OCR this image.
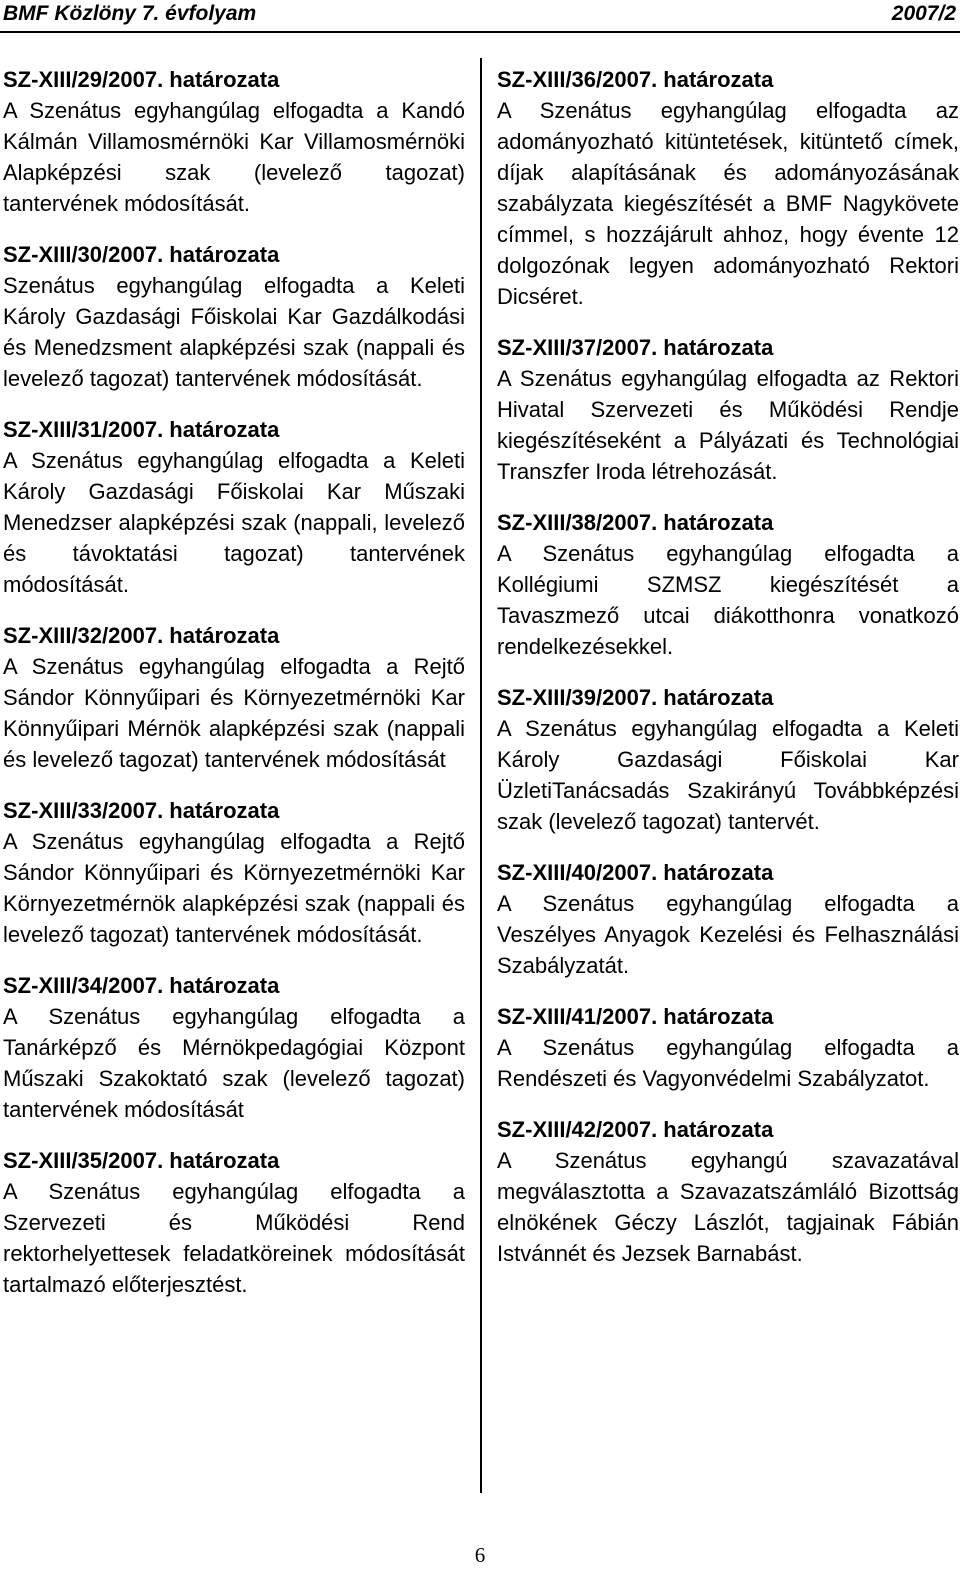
BMF Közlöny 7. évfolyam	2007/2
SZ-XIII/29/2007. határozata
A Szenátus egyhangúlag elfogadta a Kandó Kálmán Villamosmérnöki Kar Villamosmérnöki Alapképzési szak (levelező tagozat) tantervének módosítását.
SZ-XIII/30/2007. határozata
Szenátus egyhangúlag elfogadta a Keleti Károly Gazdasági Főiskolai Kar Gazdálkodási és Menedzsment alapképzési szak (nappali és levelező tagozat) tantervének módosítását.
SZ-XIII/31/2007. határozata
A Szenátus egyhangúlag elfogadta a Keleti Károly Gazdasági Főiskolai Kar Műszaki Menedzser alapképzési szak (nappali, levelező és távoktatási tagozat) tantervének módosítását.
SZ-XIII/32/2007. határozata
A Szenátus egyhangúlag elfogadta a Rejtő Sándor Könnyűipari és Környezetmérnöki Kar Könnyűipari Mérnök alapképzési szak (nappali és levelező tagozat) tantervének módosítását
SZ-XIII/33/2007. határozata
A Szenátus egyhangúlag elfogadta a Rejtő Sándor Könnyűipari és Környezetmérnöki Kar Környezetmérnök alapképzési szak (nappali és levelező tagozat) tantervének módosítását.
SZ-XIII/34/2007. határozata
A Szenátus egyhangúlag elfogadta a Tanárképző és Mérnökpedagógiai Központ Műszaki Szakoktató szak (levelező tagozat) tantervének módosítását
SZ-XIII/35/2007. határozata
A Szenátus egyhangúlag elfogadta a Szervezeti és Működési Rend rektorhelyettesek feladatköreinek módosítását tartalmazó előterjesztést.
SZ-XIII/36/2007. határozata
A Szenátus egyhangúlag elfogadta az adományozható kitüntetések, kitüntető címek, díjak alapításának és adományozásának szabályzata kiegészítését a BMF Nagykövete címmel, s hozzájárult ahhoz, hogy évente 12 dolgozónak legyen adományozható Rektori Dicséret.
SZ-XIII/37/2007. határozata
A Szenátus egyhangúlag elfogadta az Rektori Hivatal Szervezeti és Működési Rendje kiegészítéseként a Pályázati és Technológiai Transzfer Iroda létrehozását.
SZ-XIII/38/2007. határozata
A Szenátus egyhangúlag elfogadta a Kollégiumi SZMSZ kiegészítését a Tavaszmező utcai diákotthonra vonatkozó rendelkezésekkel.
SZ-XIII/39/2007. határozata
A Szenátus egyhangúlag elfogadta a Keleti Károly Gazdasági Főiskolai Kar ÜzletiTanácsadás Szakirányú Továbbképzési szak (levelező tagozat) tantervét.
SZ-XIII/40/2007. határozata
A Szenátus egyhangúlag elfogadta a Veszélyes Anyagok Kezelési és Felhasználási Szabályzatát.
SZ-XIII/41/2007. határozata
A Szenátus egyhangúlag elfogadta a Rendészeti és Vagyonvédelmi Szabályzatot.
SZ-XIII/42/2007. határozata
A Szenátus egyhangú szavazatával megválasztotta a Szavazatszámláló Bizottság elnökének Géczy Lászlót, tagjainak Fábián Istvánnét és Jezsek Barnabást.
6
